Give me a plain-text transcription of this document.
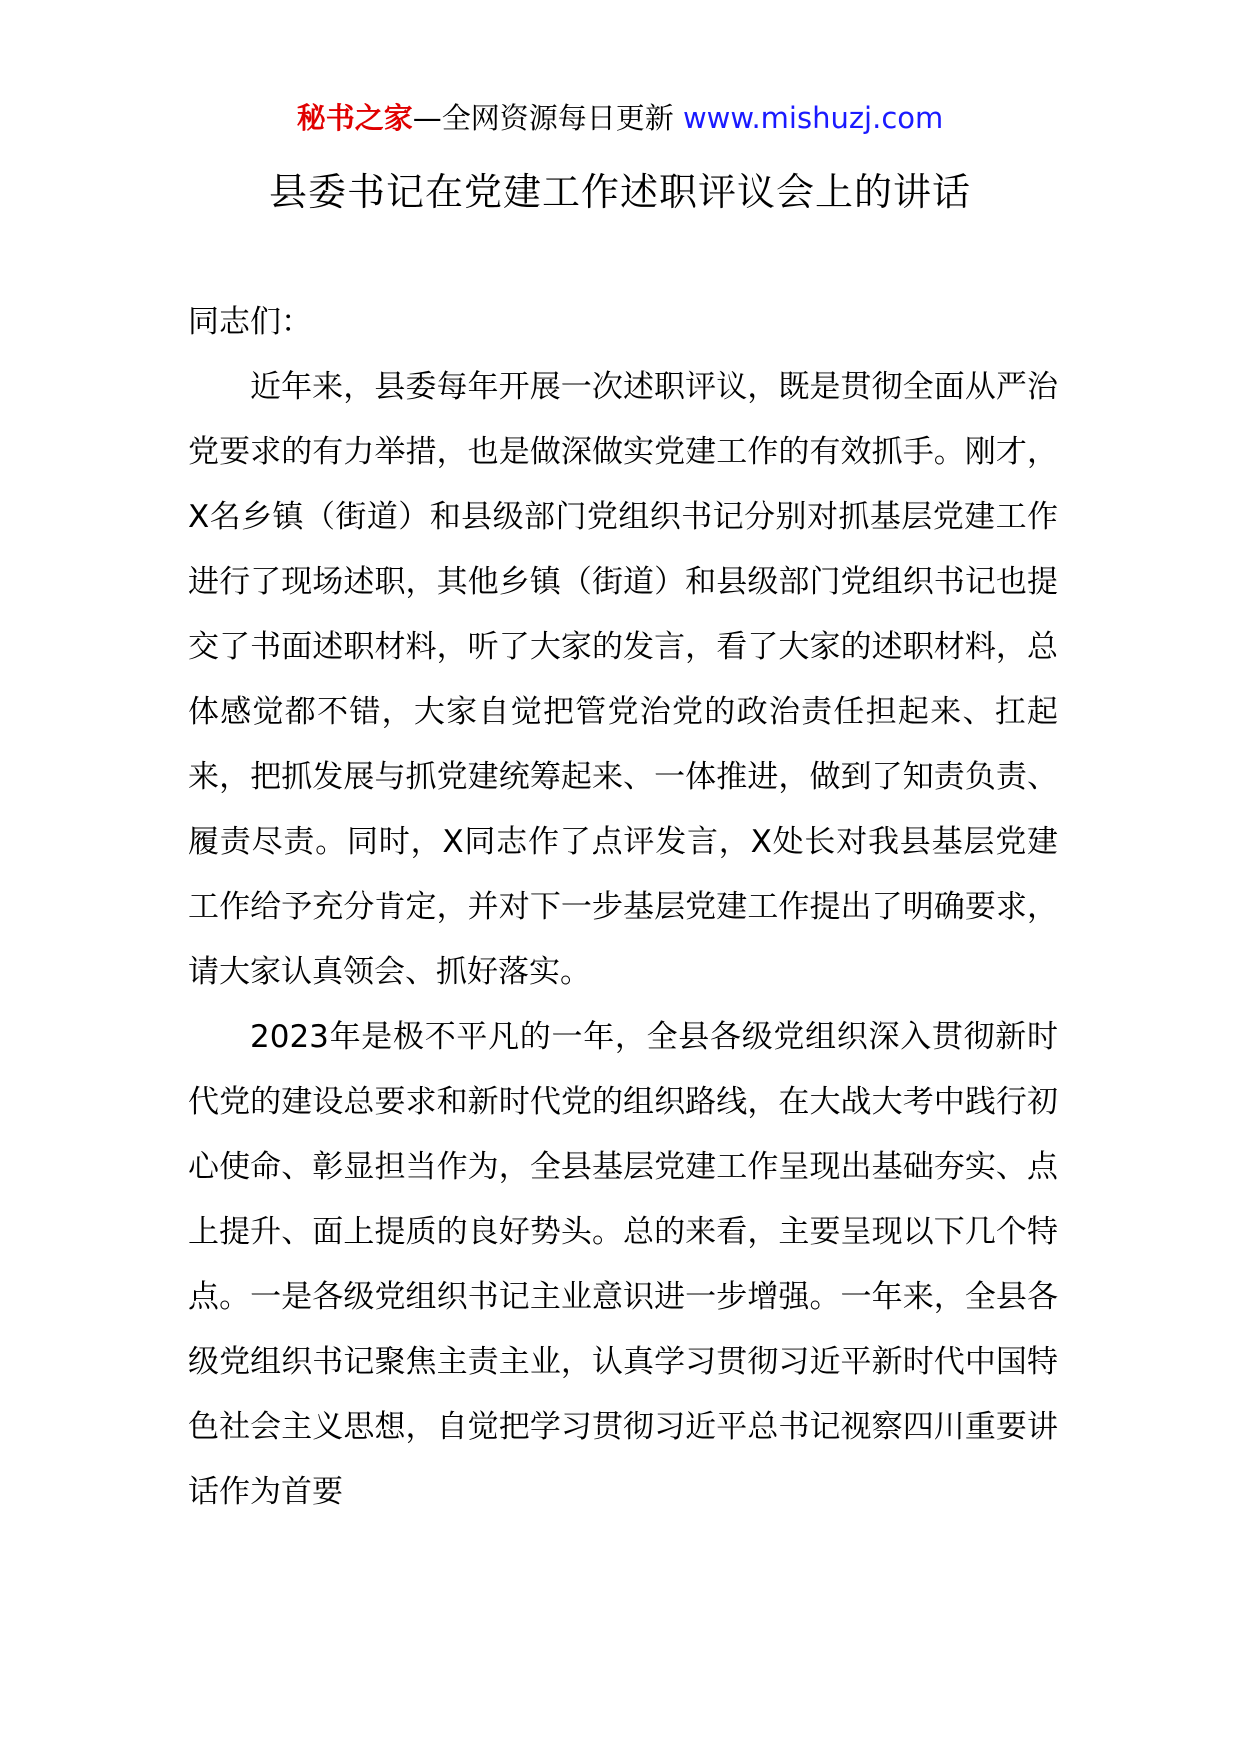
秘书之家—全网资源每日更新 www.mishuzj.com
县委书记在党建工作述职评议会上的讲话

同志们：

近年来，县委每年开展一次述职评议，既是贯彻全面从严治党要求的有力举措，也是做深做实党建工作的有效抓手。刚才，X名乡镇（街道）和县级部门党组织书记分别对抓基层党建工作进行了现场述职，其他乡镇（街道）和县级部门党组织书记也提交了书面述职材料，听了大家的发言，看了大家的述职材料，总体感觉都不错，大家自觉把管党治党的政治责任担起来、扛起来，把抓发展与抓党建统筹起来、一体推进，做到了知责负责、履责尽责。同时，X同志作了点评发言，X处长对我县基层党建工作给予充分肯定，并对下一步基层党建工作提出了明确要求，请大家认真领会、抓好落实。

2023年是极不平凡的一年，全县各级党组织深入贯彻新时代党的建设总要求和新时代党的组织路线，在大战大考中践行初心使命、彰显担当作为，全县基层党建工作呈现出基础夯实、点上提升、面上提质的良好势头。总的来看，主要呈现以下几个特点。一是各级党组织书记主业意识进一步增强。一年来，全县各级党组织书记聚焦主责主业，认真学习贯彻习近平新时代中国特色社会主义思想，自觉把学习贯彻习近平总书记视察四川重要讲话作为首要
